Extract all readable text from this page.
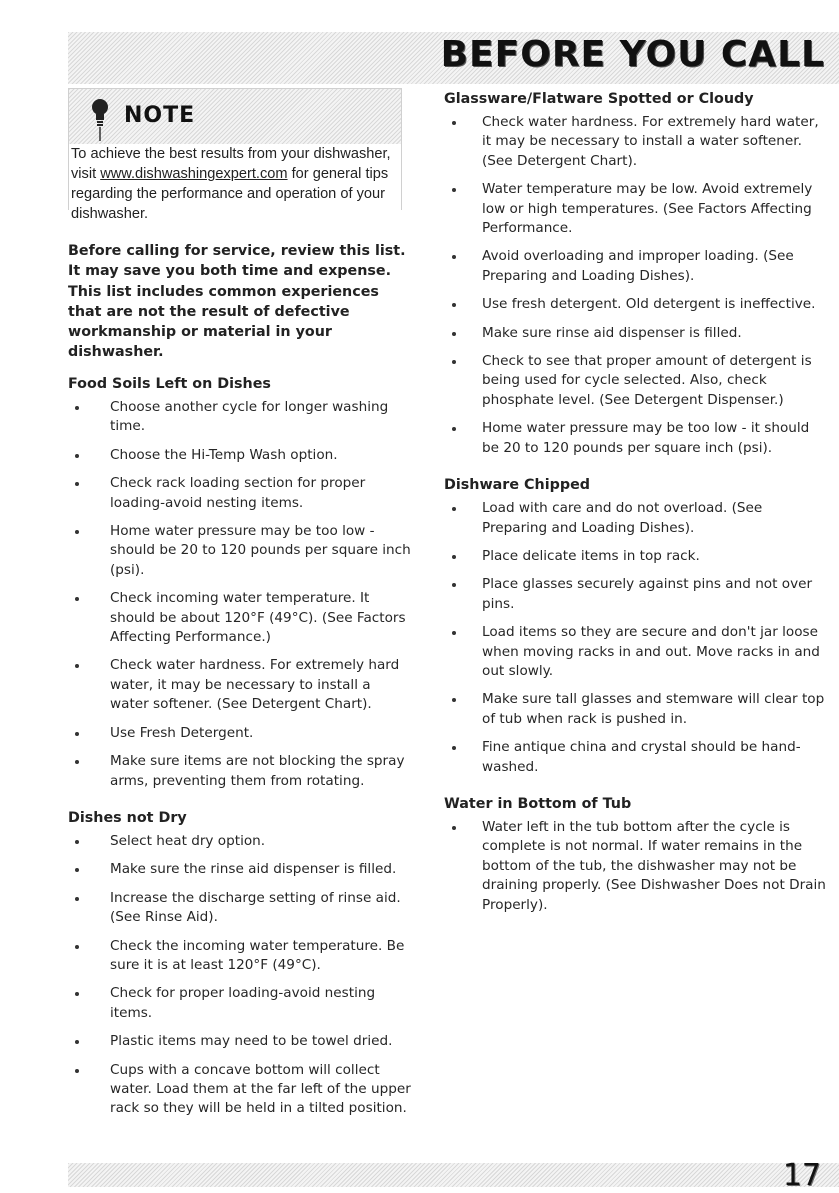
BEFORE YOU CALL
NOTE
To achieve the best results from your dishwasher, visit www.dishwashingexpert.com for general tips regarding the performance and operation of your dishwasher.
Before calling for service, review this list. It may save you both time and expense. This list includes common experiences that are not the result of defective workmanship or material in your dishwasher.
Food Soils Left on Dishes
Choose another cycle for longer washing time.
Choose the Hi-Temp Wash option.
Check rack loading section for proper loading-avoid nesting items.
Home water pressure may be too low - should be 20 to 120 pounds per square inch (psi).
Check incoming water temperature. It should be about 120°F (49°C). (See Factors Affecting Performance.)
Check water hardness. For extremely hard water, it may be necessary to install a water softener. (See Detergent Chart).
Use Fresh Detergent.
Make sure items are not blocking the spray arms, preventing them from rotating.
Dishes not Dry
Select heat dry option.
Make sure the rinse aid dispenser is filled.
Increase the discharge setting of rinse aid. (See Rinse Aid).
Check the incoming water temperature. Be sure it is at least 120°F (49°C).
Check for proper loading-avoid nesting items.
Plastic items may need to be towel dried.
Cups with a concave bottom will collect water. Load them at the far left of the upper rack so they will be held in a tilted position.
Glassware/Flatware Spotted or Cloudy
Check water hardness. For extremely hard water, it may be necessary to install a water softener. (See Detergent Chart).
Water temperature may be low. Avoid extremely low or high temperatures. (See Factors Affecting Performance.
Avoid overloading and improper loading. (See Preparing and Loading Dishes).
Use fresh detergent. Old detergent is ineffective.
Make sure rinse aid dispenser is filled.
Check to see that proper amount of detergent is being used for cycle selected. Also, check phosphate level. (See Detergent Dispenser.)
Home water pressure may be too low - it should be 20 to 120 pounds per square inch (psi).
Dishware Chipped
Load with care and do not overload. (See Preparing and Loading Dishes).
Place delicate items in top rack.
Place glasses securely against pins and not over pins.
Load items so they are secure and don't jar loose when moving racks in and out. Move racks in and out slowly.
Make sure tall glasses and stemware will clear top of tub when rack is pushed in.
Fine antique china and crystal should be hand-washed.
Water in Bottom of Tub
Water left in the tub bottom after the cycle is complete is not normal. If water remains in the bottom of the tub, the dishwasher may not be draining properly. (See Dishwasher Does not Drain Properly).
17
